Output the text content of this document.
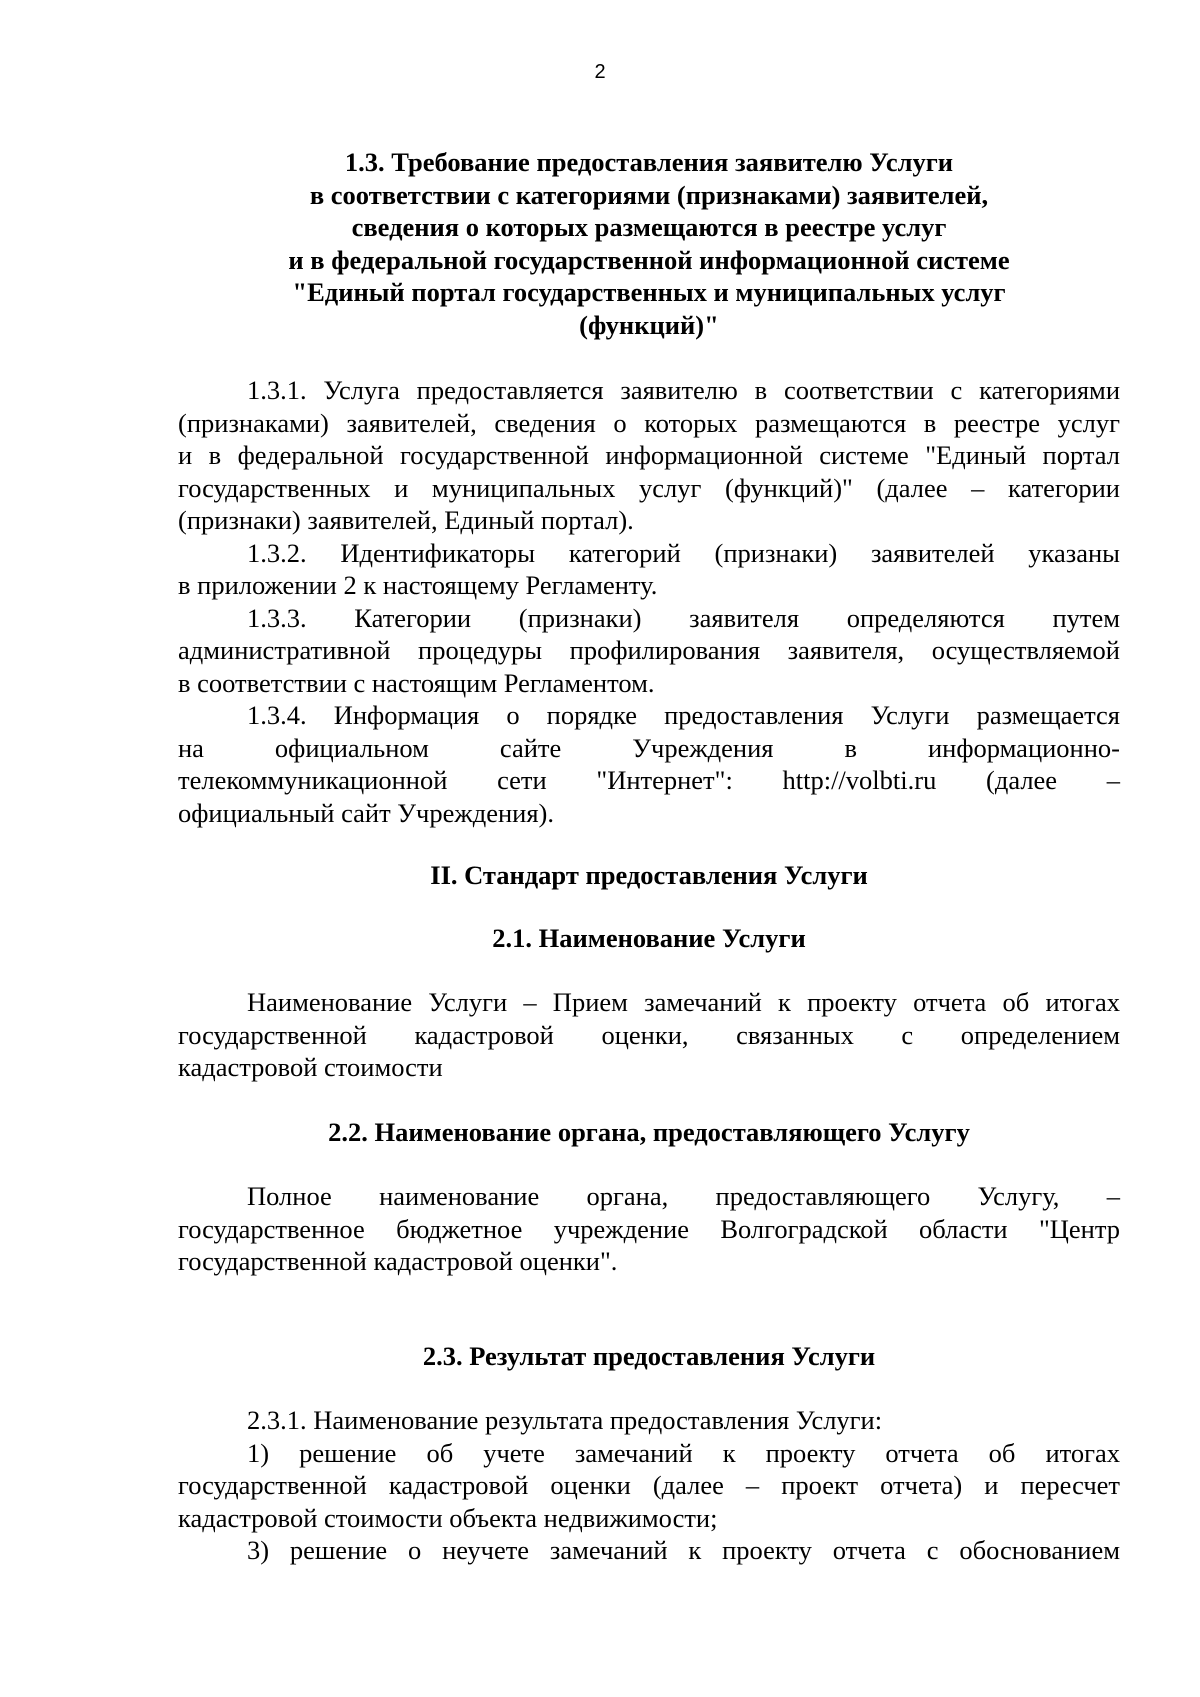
2
1.3. Требование предоставления заявителю Услуги
в соответствии с категориями (признаками) заявителей,
сведения о которых размещаются в реестре услуг
и в федеральной государственной информационной системе
"Единый портал государственных и муниципальных услуг
(функций)"
1.3.1. Услуга предоставляется заявителю в соответствии с категориями
(признаками) заявителей, сведения о которых размещаются в реестре услуг
и в федеральной государственной информационной системе "Единый портал
государственных и муниципальных услуг (функций)" (далее – категории
(признаки) заявителей, Единый портал).
1.3.2. Идентификаторы категорий (признаки) заявителей указаны
в приложении 2 к настоящему Регламенту.
1.3.3. Категории (признаки) заявителя определяются путем
административной процедуры профилирования заявителя, осуществляемой
в соответствии с настоящим Регламентом.
1.3.4. Информация о порядке предоставления Услуги размещается
на официальном сайте Учреждения в информационно-
телекоммуникационной сети "Интернет": http://volbti.ru (далее –
официальный сайт Учреждения).
II. Стандарт предоставления Услуги
2.1. Наименование Услуги
Наименование Услуги – Прием замечаний к проекту отчета об итогах
государственной кадастровой оценки, связанных с определением
кадастровой стоимости
2.2. Наименование органа, предоставляющего Услугу
Полное наименование органа, предоставляющего Услугу, –
государственное бюджетное учреждение Волгоградской области "Центр
государственной кадастровой оценки".
2.3. Результат предоставления Услуги
2.3.1. Наименование результата предоставления Услуги:
1) решение об учете замечаний к проекту отчета об итогах
государственной кадастровой оценки (далее – проект отчета) и пересчет
кадастровой стоимости объекта недвижимости;
3) решение о неучете замечаний к проекту отчета с обоснованием
